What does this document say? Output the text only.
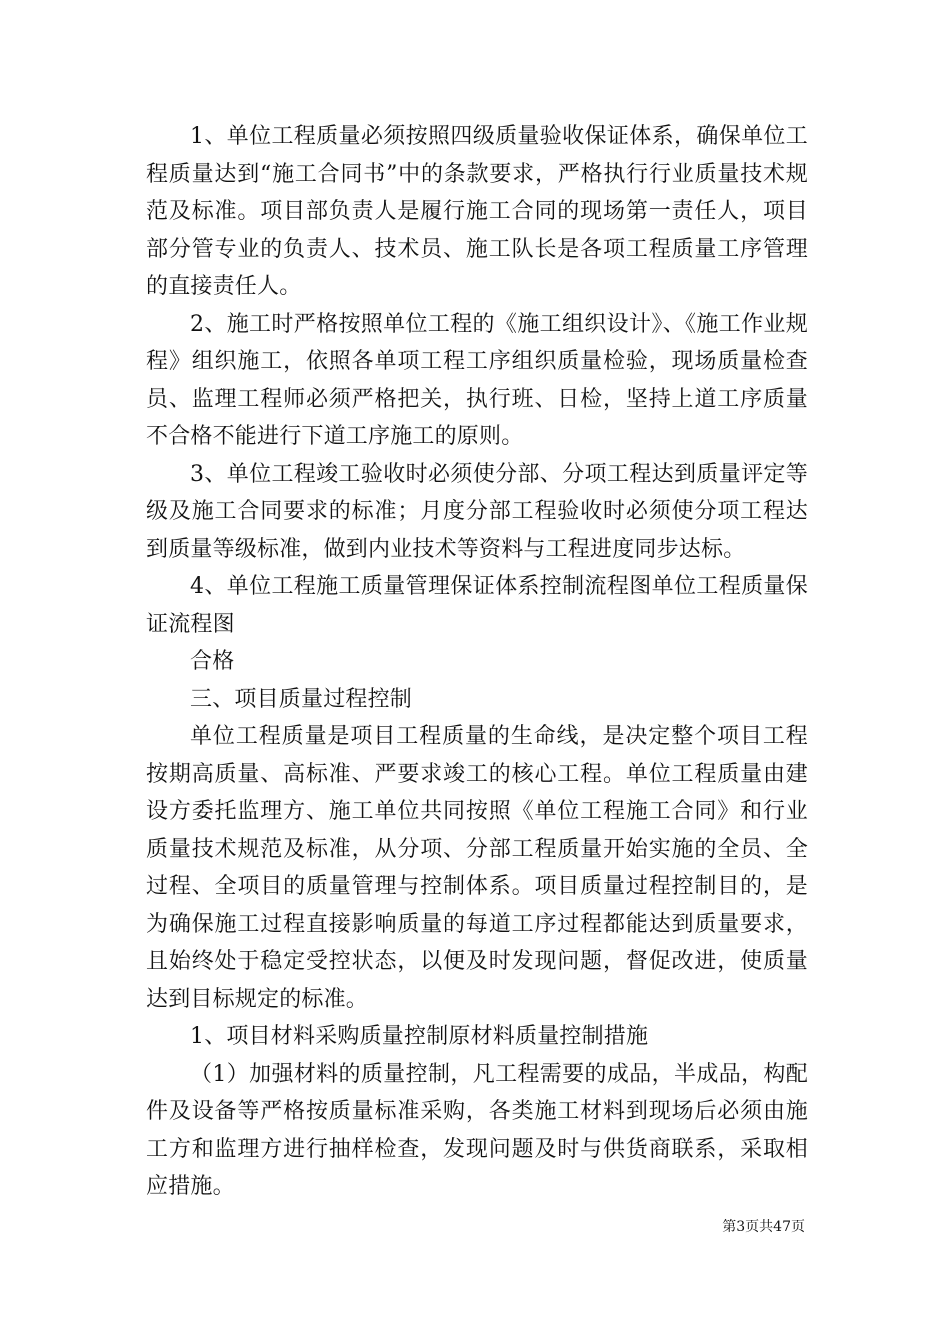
1、单位工程质量必须按照四级质量验收保证体系，确保单位工程质量达到“施工合同书”中的条款要求，严格执行行业质量技术规范及标准。项目部负责人是履行施工合同的现场第一责任人，项目部分管专业的负责人、技术员、施工队长是各项工程质量工序管理的直接责任人。

2、施工时严格按照单位工程的《施工组织设计》、《施工作业规程》组织施工，依照各单项工程工序组织质量检验，现场质量检查员、监理工程师必须严格把关，执行班、日检，坚持上道工序质量不合格不能进行下道工序施工的原则。

3、单位工程竣工验收时必须使分部、分项工程达到质量评定等级及施工合同要求的标准；月度分部工程验收时必须使分项工程达到质量等级标准，做到内业技术等资料与工程进度同步达标。

4、单位工程施工质量管理保证体系控制流程图单位工程质量保证流程图

合格

三、项目质量过程控制

单位工程质量是项目工程质量的生命线，是决定整个项目工程按期高质量、高标准、严要求竣工的核心工程。单位工程质量由建设方委托监理方、施工单位共同按照《单位工程施工合同》和行业质量技术规范及标准，从分项、分部工程质量开始实施的全员、全过程、全项目的质量管理与控制体系。项目质量过程控制目的，是为确保施工过程直接影响质量的每道工序过程都能达到质量要求，且始终处于稳定受控状态，以便及时发现问题，督促改进，使质量达到目标规定的标准。

1、项目材料采购质量控制原材料质量控制措施

（1）加强材料的质量控制，凡工程需要的成品，半成品，构配件及设备等严格按质量标准采购，各类施工材料到现场后必须由施工方和监理方进行抽样检查，发现问题及时与供货商联系，采取相应措施。

第3页共47页
